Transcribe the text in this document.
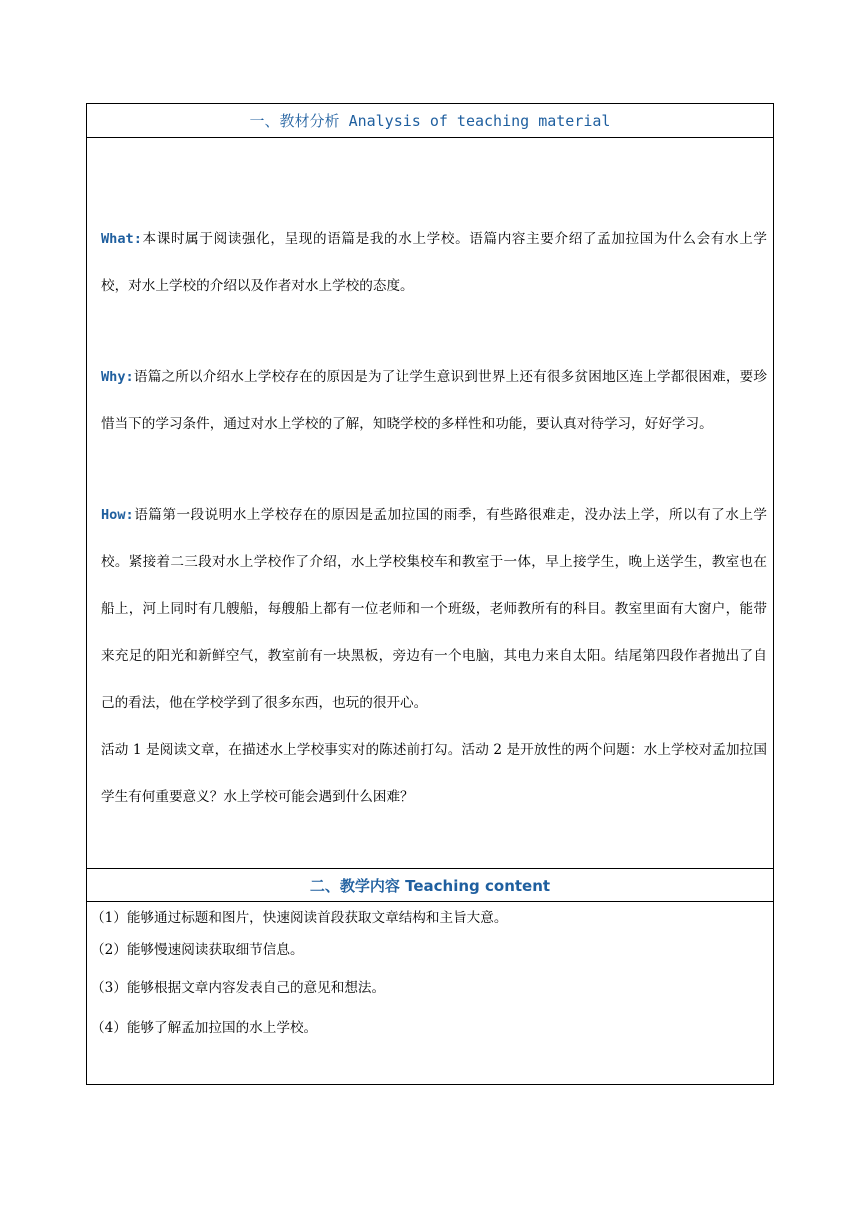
一、教材分析 Analysis of teaching material

What:本课时属于阅读强化，呈现的语篇是我的水上学校。语篇内容主要介绍了孟加拉国为什么会有水上学校，对水上学校的介绍以及作者对水上学校的态度。

Why:语篇之所以介绍水上学校存在的原因是为了让学生意识到世界上还有很多贫困地区连上学都很困难，要珍惜当下的学习条件，通过对水上学校的了解，知晓学校的多样性和功能，要认真对待学习，好好学习。

How:语篇第一段说明水上学校存在的原因是孟加拉国的雨季，有些路很难走，没办法上学，所以有了水上学校。紧接着二三段对水上学校作了介绍，水上学校集校车和教室于一体，早上接学生，晚上送学生，教室也在船上，河上同时有几艘船，每艘船上都有一位老师和一个班级，老师教所有的科目。教室里面有大窗户，能带来充足的阳光和新鲜空气，教室前有一块黑板，旁边有一个电脑，其电力来自太阳。结尾第四段作者抛出了自己的看法，他在学校学到了很多东西，也玩的很开心。

活动 1 是阅读文章，在描述水上学校事实对的陈述前打勾。活动 2 是开放性的两个问题：水上学校对孟加拉国学生有何重要意义？水上学校可能会遇到什么困难？

二、教学内容 Teaching content

（1）能够通过标题和图片，快速阅读首段获取文章结构和主旨大意。

（2）能够慢速阅读获取细节信息。

（3）能够根据文章内容发表自己的意见和想法。

（4）能够了解孟加拉国的水上学校。
